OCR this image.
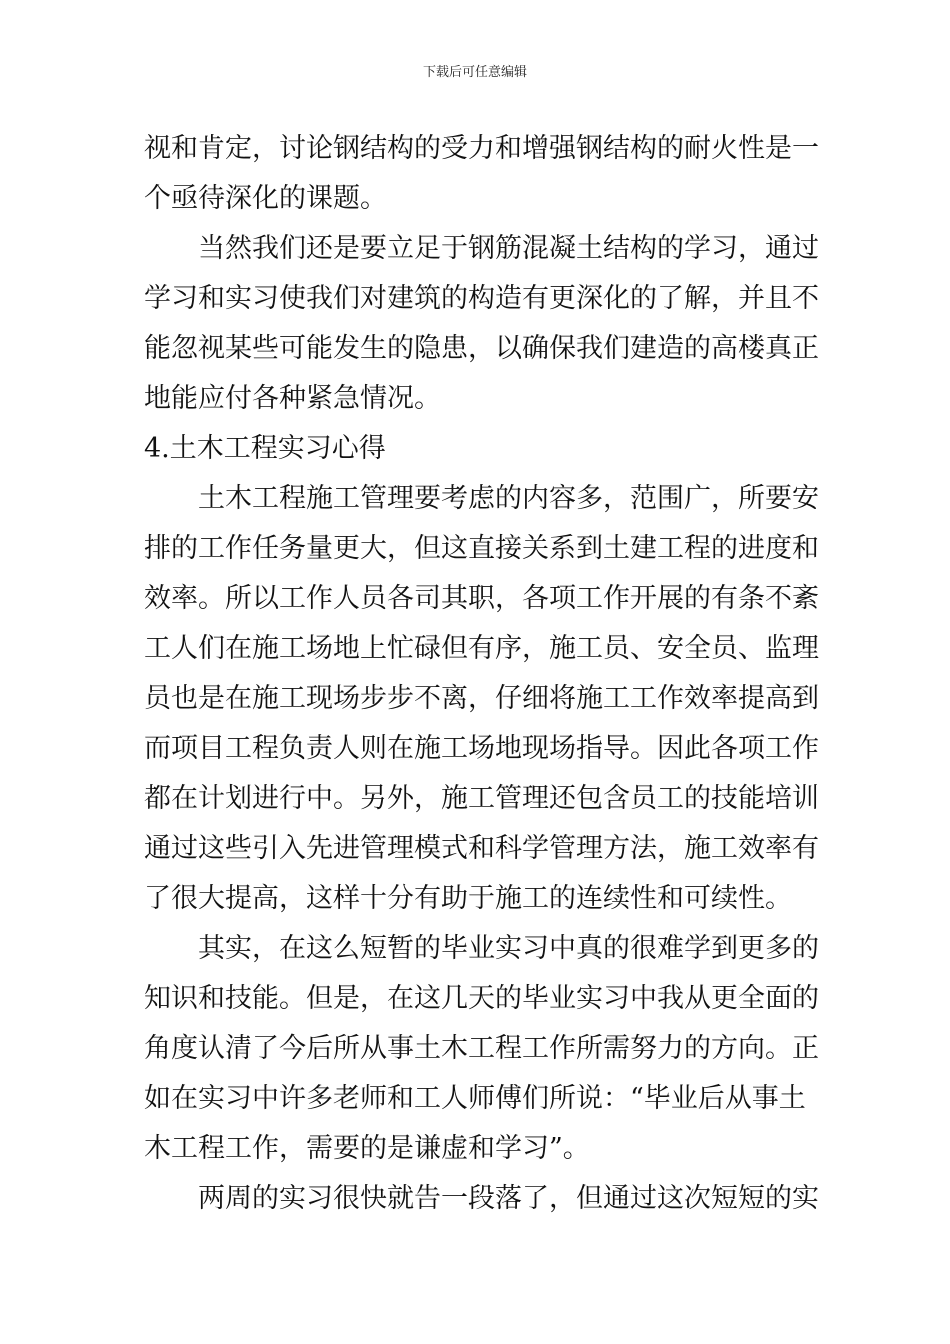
下载后可任意编辑
视和肯定，讨论钢结构的受力和增强钢结构的耐火性是一
个亟待深化的课题。
当然我们还是要立足于钢筋混凝土结构的学习，通过
学习和实习使我们对建筑的构造有更深化的了解，并且不
能忽视某些可能发生的隐患，以确保我们建造的高楼真正
地能应付各种紧急情况。
4.土木工程实习心得
土木工程施工管理要考虑的内容多，范围广，所要安
排的工作任务量更大，但这直接关系到土建工程的进度和
效率。所以工作人员各司其职，各项工作开展的有条不紊
工人们在施工场地上忙碌但有序，施工员、安全员、监理
员也是在施工现场步步不离，仔细将施工工作效率提高到
而项目工程负责人则在施工场地现场指导。因此各项工作
都在计划进行中。另外，施工管理还包含员工的技能培训
通过这些引入先进管理模式和科学管理方法，施工效率有
了很大提高，这样十分有助于施工的连续性和可续性。
其实，在这么短暂的毕业实习中真的很难学到更多的
知识和技能。但是，在这几天的毕业实习中我从更全面的
角度认清了今后所从事土木工程工作所需努力的方向。正
如在实习中许多老师和工人师傅们所说：“毕业后从事土
木工程工作，需要的是谦虚和学习”。
两周的实习很快就告一段落了，但通过这次短短的实
